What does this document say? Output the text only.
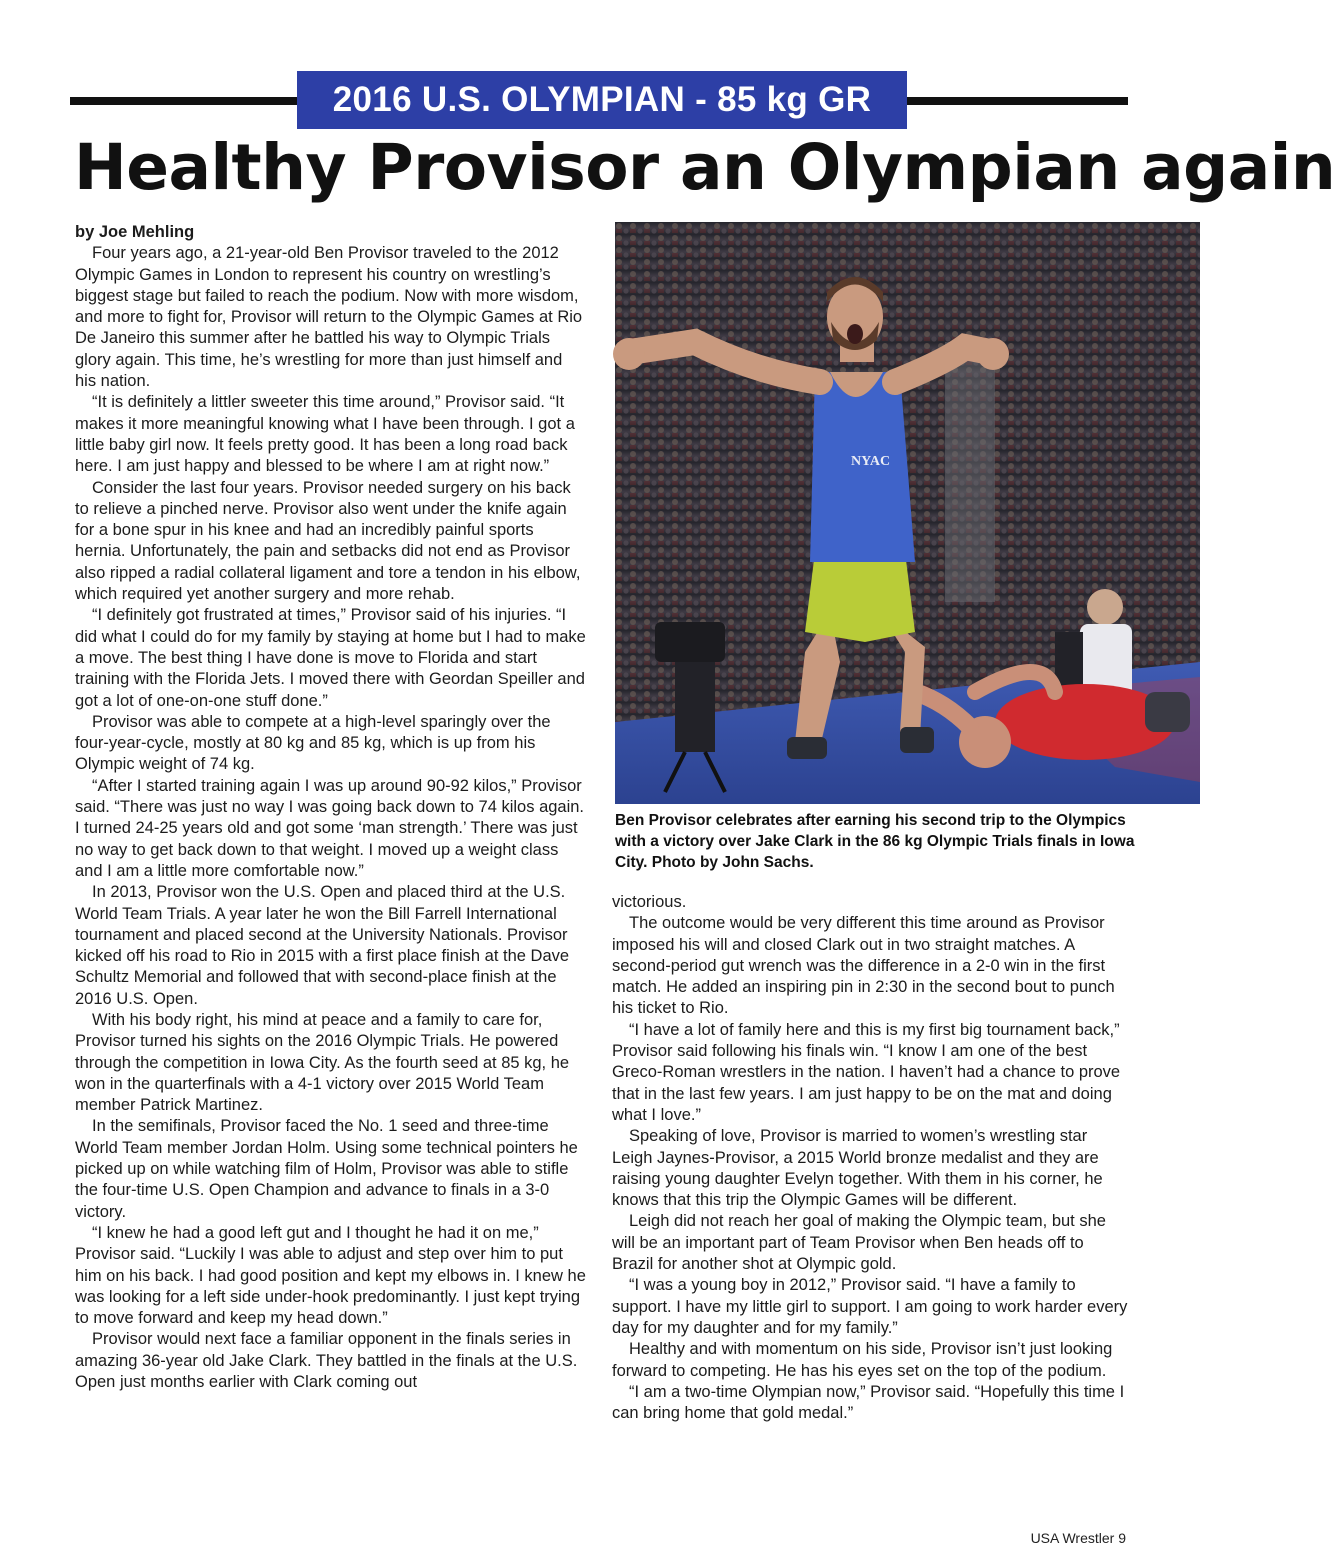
2016 U.S. OLYMPIAN - 85 kg GR
Healthy Provisor an Olympian again

by Joe Mehling

Four years ago, a 21-year-old Ben Provisor traveled to the 2012 Olympic Games in London to represent his country on wrestling’s biggest stage but failed to reach the podium. Now with more wisdom, and more to fight for, Provisor will return to the Olympic Games at Rio De Janeiro this summer after he battled his way to Olympic Trials glory again. This time, he’s wrestling for more than just himself and his nation.

“It is definitely a littler sweeter this time around,” Provisor said. “It makes it more meaningful knowing what I have been through. I got a little baby girl now. It feels pretty good. It has been a long road back here. I am just happy and blessed to be where I am at right now.”

Consider the last four years. Provisor needed surgery on his back to relieve a pinched nerve. Provisor also went under the knife again for a bone spur in his knee and had an incredibly painful sports hernia. Unfortunately, the pain and setbacks did not end as Provisor also ripped a radial collateral ligament and tore a tendon in his elbow, which required yet another surgery and more rehab.

“I definitely got frustrated at times,” Provisor said of his injuries. “I did what I could do for my family by staying at home but I had to make a move. The best thing I have done is move to Florida and start training with the Florida Jets. I moved there with Geordan Speiller and got a lot of one-on-one stuff done.”

Provisor was able to compete at a high-level sparingly over the four-year-cycle, mostly at 80 kg and 85 kg, which is up from his Olympic weight of 74 kg.

“After I started training again I was up around 90-92 kilos,” Provisor said. “There was just no way I was going back down to 74 kilos again. I turned 24-25 years old and got some ‘man strength.’ There was just no way to get back down to that weight. I moved up a weight class and I am a little more comfortable now.”

In 2013, Provisor won the U.S. Open and placed third at the U.S. World Team Trials. A year later he won the Bill Farrell International tournament and placed second at the University Nationals. Provisor kicked off his road to Rio in 2015 with a first place finish at the Dave Schultz Memorial and followed that with second-place finish at the 2016 U.S. Open.

With his body right, his mind at peace and a family to care for, Provisor turned his sights on the 2016 Olympic Trials. He powered through the competition in Iowa City. As the fourth seed at 85 kg, he won in the quarterfinals with a 4-1 victory over 2015 World Team member Patrick Martinez.

In the semifinals, Provisor faced the No. 1 seed and three-time World Team member Jordan Holm. Using some technical pointers he picked up on while watching film of Holm, Provisor was able to stifle the four-time U.S. Open Champion and advance to finals in a 3-0 victory.

“I knew he had a good left gut and I thought he had it on me,” Provisor said. “Luckily I was able to adjust and step over him to put him on his back. I had good position and kept my elbows in. I knew he was looking for a left side under-hook predominantly. I just kept trying to move forward and keep my head down.”

Provisor would next face a familiar opponent in the finals series in amazing 36-year old Jake Clark. They battled in the finals at the U.S. Open just months earlier with Clark coming out

NYAC

Ben Provisor celebrates after earning his second trip to the Olympics with a victory over Jake Clark in the 86 kg Olympic Trials finals in Iowa City. Photo by John Sachs.

victorious.

The outcome would be very different this time around as Provisor imposed his will and closed Clark out in two straight matches. A second-period gut wrench was the difference in a 2-0 win in the first match. He added an inspiring pin in 2:30 in the second bout to punch his ticket to Rio.

“I have a lot of family here and this is my first big tournament back,” Provisor said following his finals win. “I know I am one of the best Greco-Roman wrestlers in the nation. I haven’t had a chance to prove that in the last few years. I am just happy to be on the mat and doing what I love.”

Speaking of love, Provisor is married to women’s wrestling star Leigh Jaynes-Provisor, a 2015 World bronze medalist and they are raising young daughter Evelyn together. With them in his corner, he knows that this trip the Olympic Games will be different.

Leigh did not reach her goal of making the Olympic team, but she will be an important part of Team Provisor when Ben heads off to Brazil for another shot at Olympic gold.

“I was a young boy in 2012,” Provisor said. “I have a family to support. I have my little girl to support. I am going to work harder every day for my daughter and for my family.”

Healthy and with momentum on his side, Provisor isn’t just looking forward to competing. He has his eyes set on the top of the podium.

“I am a two-time Olympian now,” Provisor said. “Hopefully this time I can bring home that gold medal.”

USA Wrestler 9
